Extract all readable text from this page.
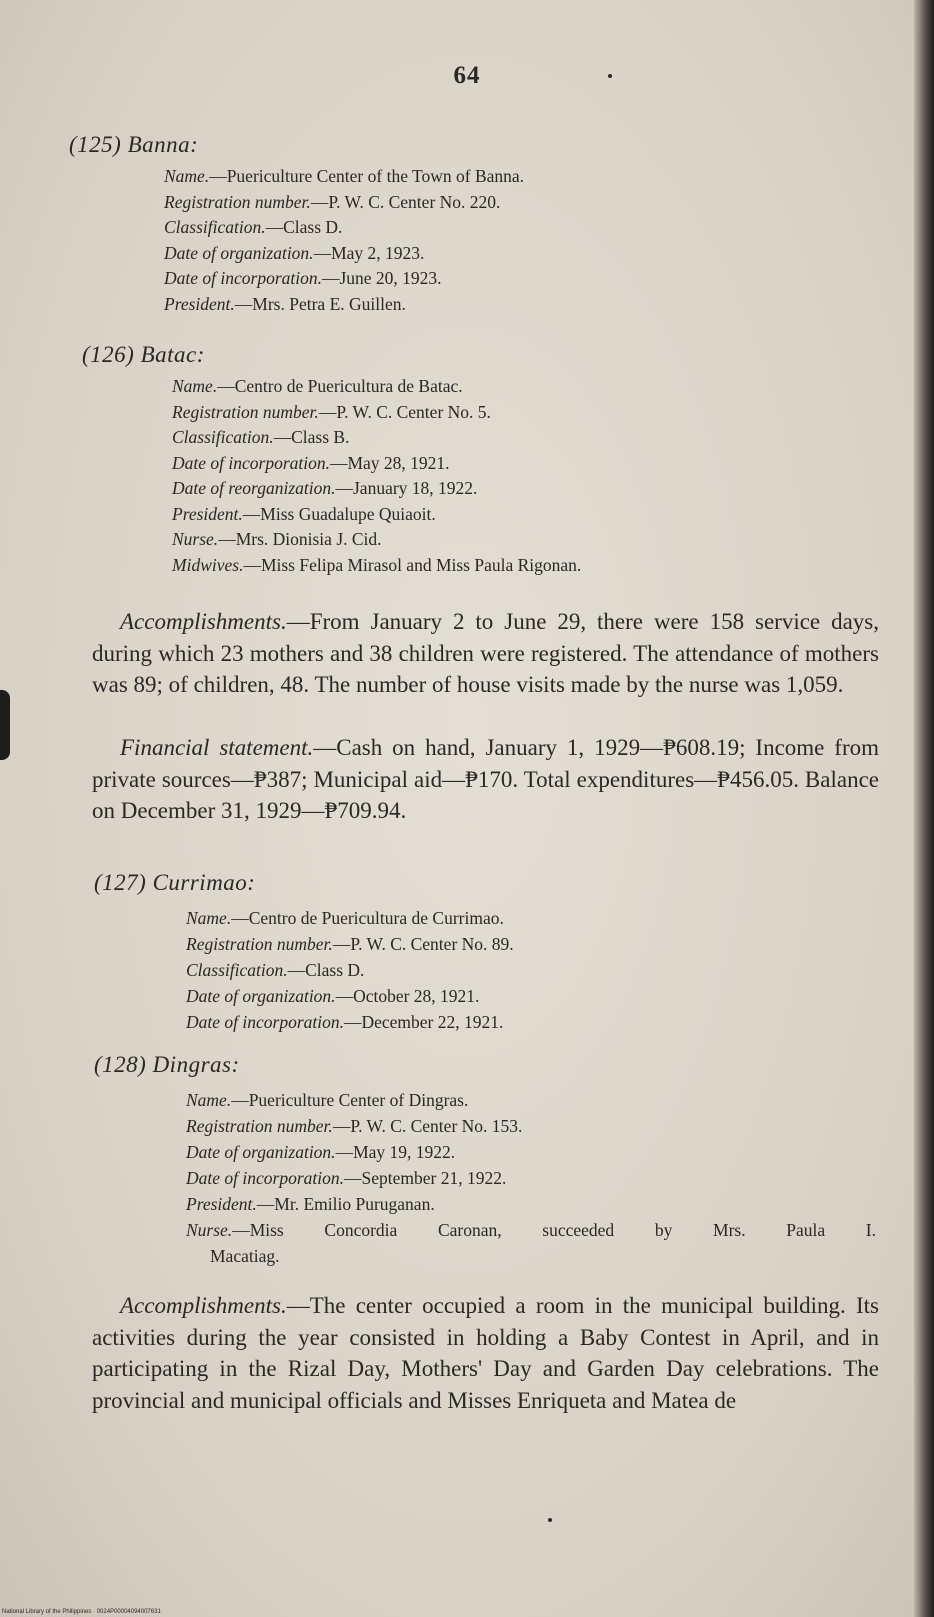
64
(125) Banna:
Name.—Puericulture Center of the Town of Banna.
Registration number.—P. W. C. Center No. 220.
Classification.—Class D.
Date of organization.—May 2, 1923.
Date of incorporation.—June 20, 1923.
President.—Mrs. Petra E. Guillen.
(126) Batac:
Name.—Centro de Puericultura de Batac.
Registration number.—P. W. C. Center No. 5.
Classification.—Class B.
Date of incorporation.—May 28, 1921.
Date of reorganization.—January 18, 1922.
President.—Miss Guadalupe Quiaoit.
Nurse.—Mrs. Dionisia J. Cid.
Midwives.—Miss Felipa Mirasol and Miss Paula Rigonan.
Accomplishments.—From January 2 to June 29, there were 158 service days, during which 23 mothers and 38 children were registered. The attendance of mothers was 89; of children, 48. The number of house visits made by the nurse was 1,059.
Financial statement.—Cash on hand, January 1, 1929—₱608.19; Income from private sources—₱387; Municipal aid—₱170. Total expenditures—₱456.05. Balance on December 31, 1929—₱709.94.
(127) Currimao:
Name.—Centro de Puericultura de Currimao.
Registration number.—P. W. C. Center No. 89.
Classification.—Class D.
Date of organization.—October 28, 1921.
Date of incorporation.—December 22, 1921.
(128) Dingras:
Name.—Puericulture Center of Dingras.
Registration number.—P. W. C. Center No. 153.
Date of organization.—May 19, 1922.
Date of incorporation.—September 21, 1922.
President.—Mr. Emilio Puruganan.
Nurse.—Miss Concordia Caronan, succeeded by Mrs. Paula I.
Macatiag.
Accomplishments.—The center occupied a room in the municipal building. Its activities during the year consisted in holding a Baby Contest in April, and in participating in the Rizal Day, Mothers' Day and Garden Day celebrations. The provincial and municipal officials and Misses Enriqueta and Matea de
National Library of the Philippines · 0024P00004094007631
